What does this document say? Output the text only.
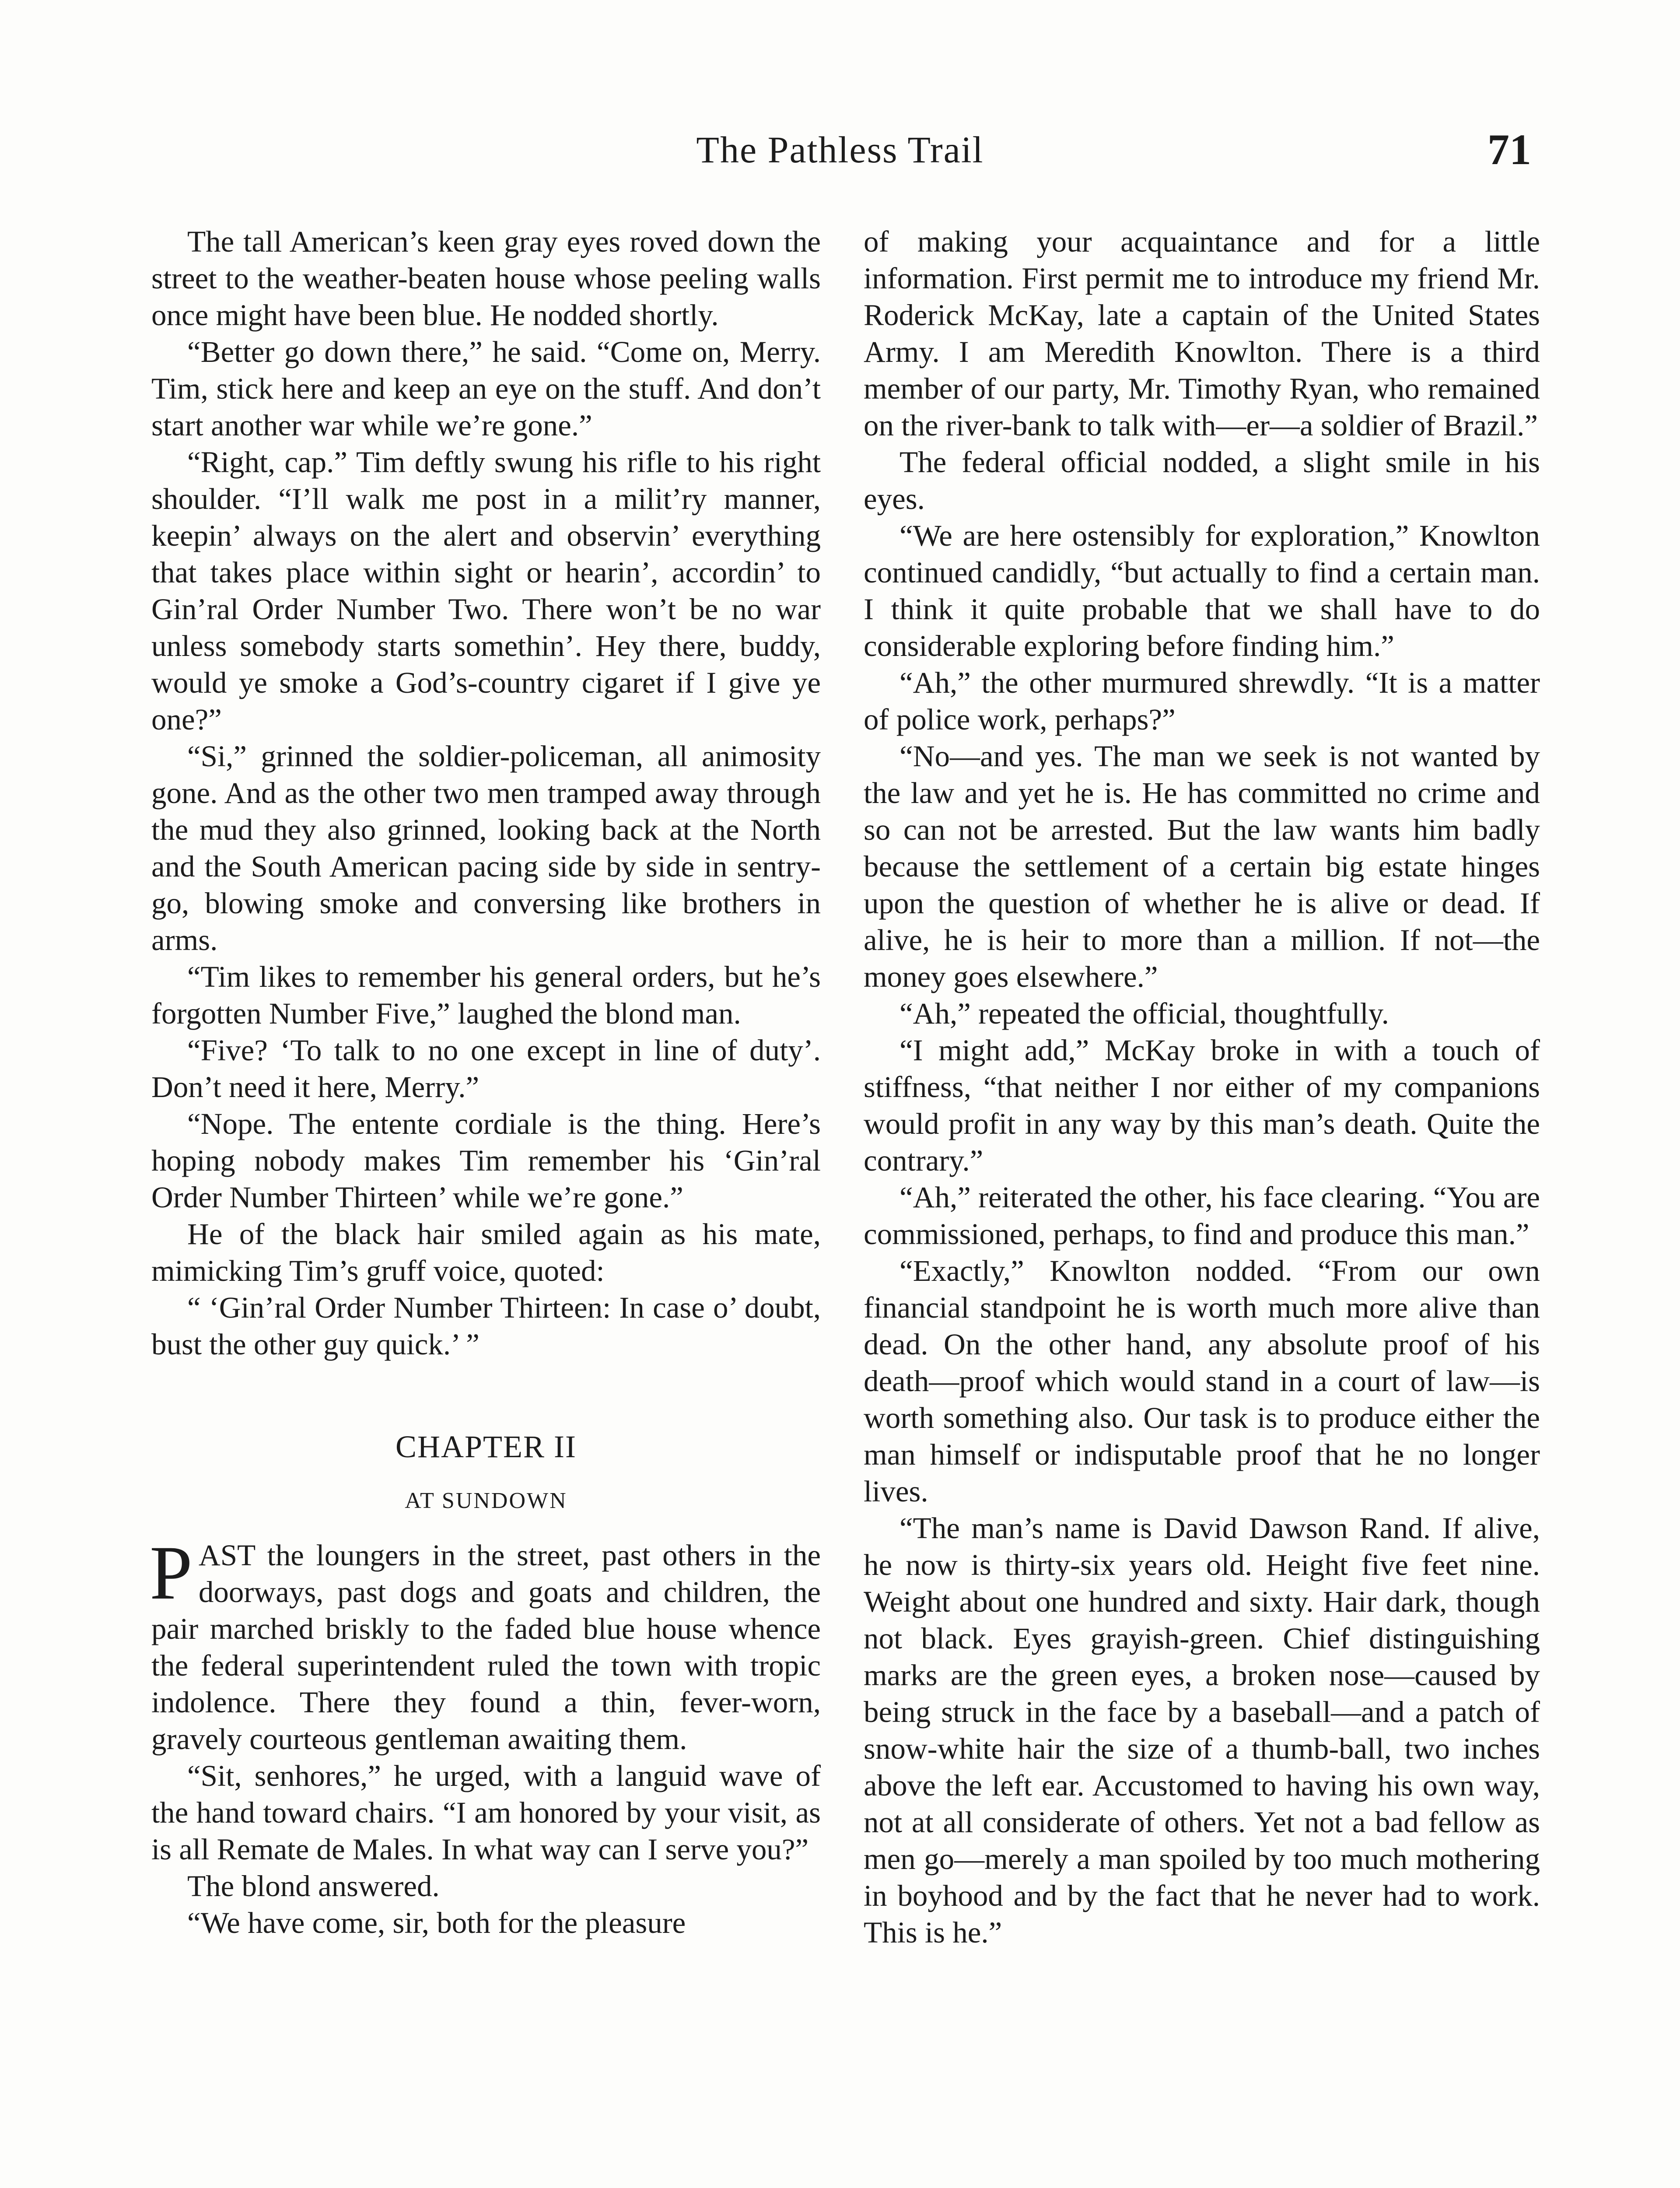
The Pathless Trail	71

The tall American’s keen gray eyes roved down the street to the weather-beaten house whose peeling walls once might have been blue. He nodded shortly.

“Better go down there,” he said. “Come on, Merry. Tim, stick here and keep an eye on the stuff. And don’t start another war while we’re gone.”

“Right, cap.” Tim deftly swung his rifle to his right shoulder. “I’ll walk me post in a milit’ry manner, keepin’ always on the alert and observin’ everything that takes place within sight or hearin’, accordin’ to Gin’ral Order Number Two. There won’t be no war unless somebody starts somethin’. Hey there, buddy, would ye smoke a God’s-country cigaret if I give ye one?”

“Si,” grinned the soldier-policeman, all animosity gone. And as the other two men tramped away through the mud they also grinned, looking back at the North and the South American pacing side by side in sentry-go, blowing smoke and conversing like brothers in arms.

“Tim likes to remember his general orders, but he’s forgotten Number Five,” laughed the blond man.

“Five? ‘To talk to no one except in line of duty’. Don’t need it here, Merry.”

“Nope. The entente cordiale is the thing. Here’s hoping nobody makes Tim remember his ‘Gin’ral Order Number Thirteen’ while we’re gone.”

He of the black hair smiled again as his mate, mimicking Tim’s gruff voice, quoted:

“ ‘Gin’ral Order Number Thirteen: In case o’ doubt, bust the other guy quick.’ ”

CHAPTER II
AT SUNDOWN

PAST the loungers in the street, past others in the doorways, past dogs and goats and children, the pair marched briskly to the faded blue house whence the federal superintendent ruled the town with tropic indolence. There they found a thin, fever-worn, gravely courteous gentleman awaiting them.

“Sit, senhores,” he urged, with a languid wave of the hand toward chairs. “I am honored by your visit, as is all Remate de Males. In what way can I serve you?”

The blond answered.

“We have come, sir, both for the pleasure

of making your acquaintance and for a little information. First permit me to introduce my friend Mr. Roderick McKay, late a captain of the United States Army. I am Meredith Knowlton. There is a third member of our party, Mr. Timothy Ryan, who remained on the river-bank to talk with—er—a soldier of Brazil.”

The federal official nodded, a slight smile in his eyes.

“We are here ostensibly for exploration,” Knowlton continued candidly, “but actually to find a certain man. I think it quite probable that we shall have to do considerable exploring before finding him.”

“Ah,” the other murmured shrewdly. “It is a matter of police work, perhaps?”

“No—and yes. The man we seek is not wanted by the law and yet he is. He has committed no crime and so can not be arrested. But the law wants him badly because the settlement of a certain big estate hinges upon the question of whether he is alive or dead. If alive, he is heir to more than a million. If not—the money goes elsewhere.”

“Ah,” repeated the official, thoughtfully.

“I might add,” McKay broke in with a touch of stiffness, “that neither I nor either of my companions would profit in any way by this man’s death. Quite the contrary.”

“Ah,” reiterated the other, his face clearing. “You are commissioned, perhaps, to find and produce this man.”

“Exactly,” Knowlton nodded. “From our own financial standpoint he is worth much more alive than dead. On the other hand, any absolute proof of his death—proof which would stand in a court of law—is worth something also. Our task is to produce either the man himself or indisputable proof that he no longer lives.

“The man’s name is David Dawson Rand. If alive, he now is thirty-six years old. Height five feet nine. Weight about one hundred and sixty. Hair dark, though not black. Eyes grayish-green. Chief distinguishing marks are the green eyes, a broken nose—caused by being struck in the face by a baseball—and a patch of snow-white hair the size of a thumb-ball, two inches above the left ear. Accustomed to having his own way, not at all considerate of others. Yet not a bad fellow as men go—merely a man spoiled by too much mothering in boyhood and by the fact that he never had to work. This is he.”
